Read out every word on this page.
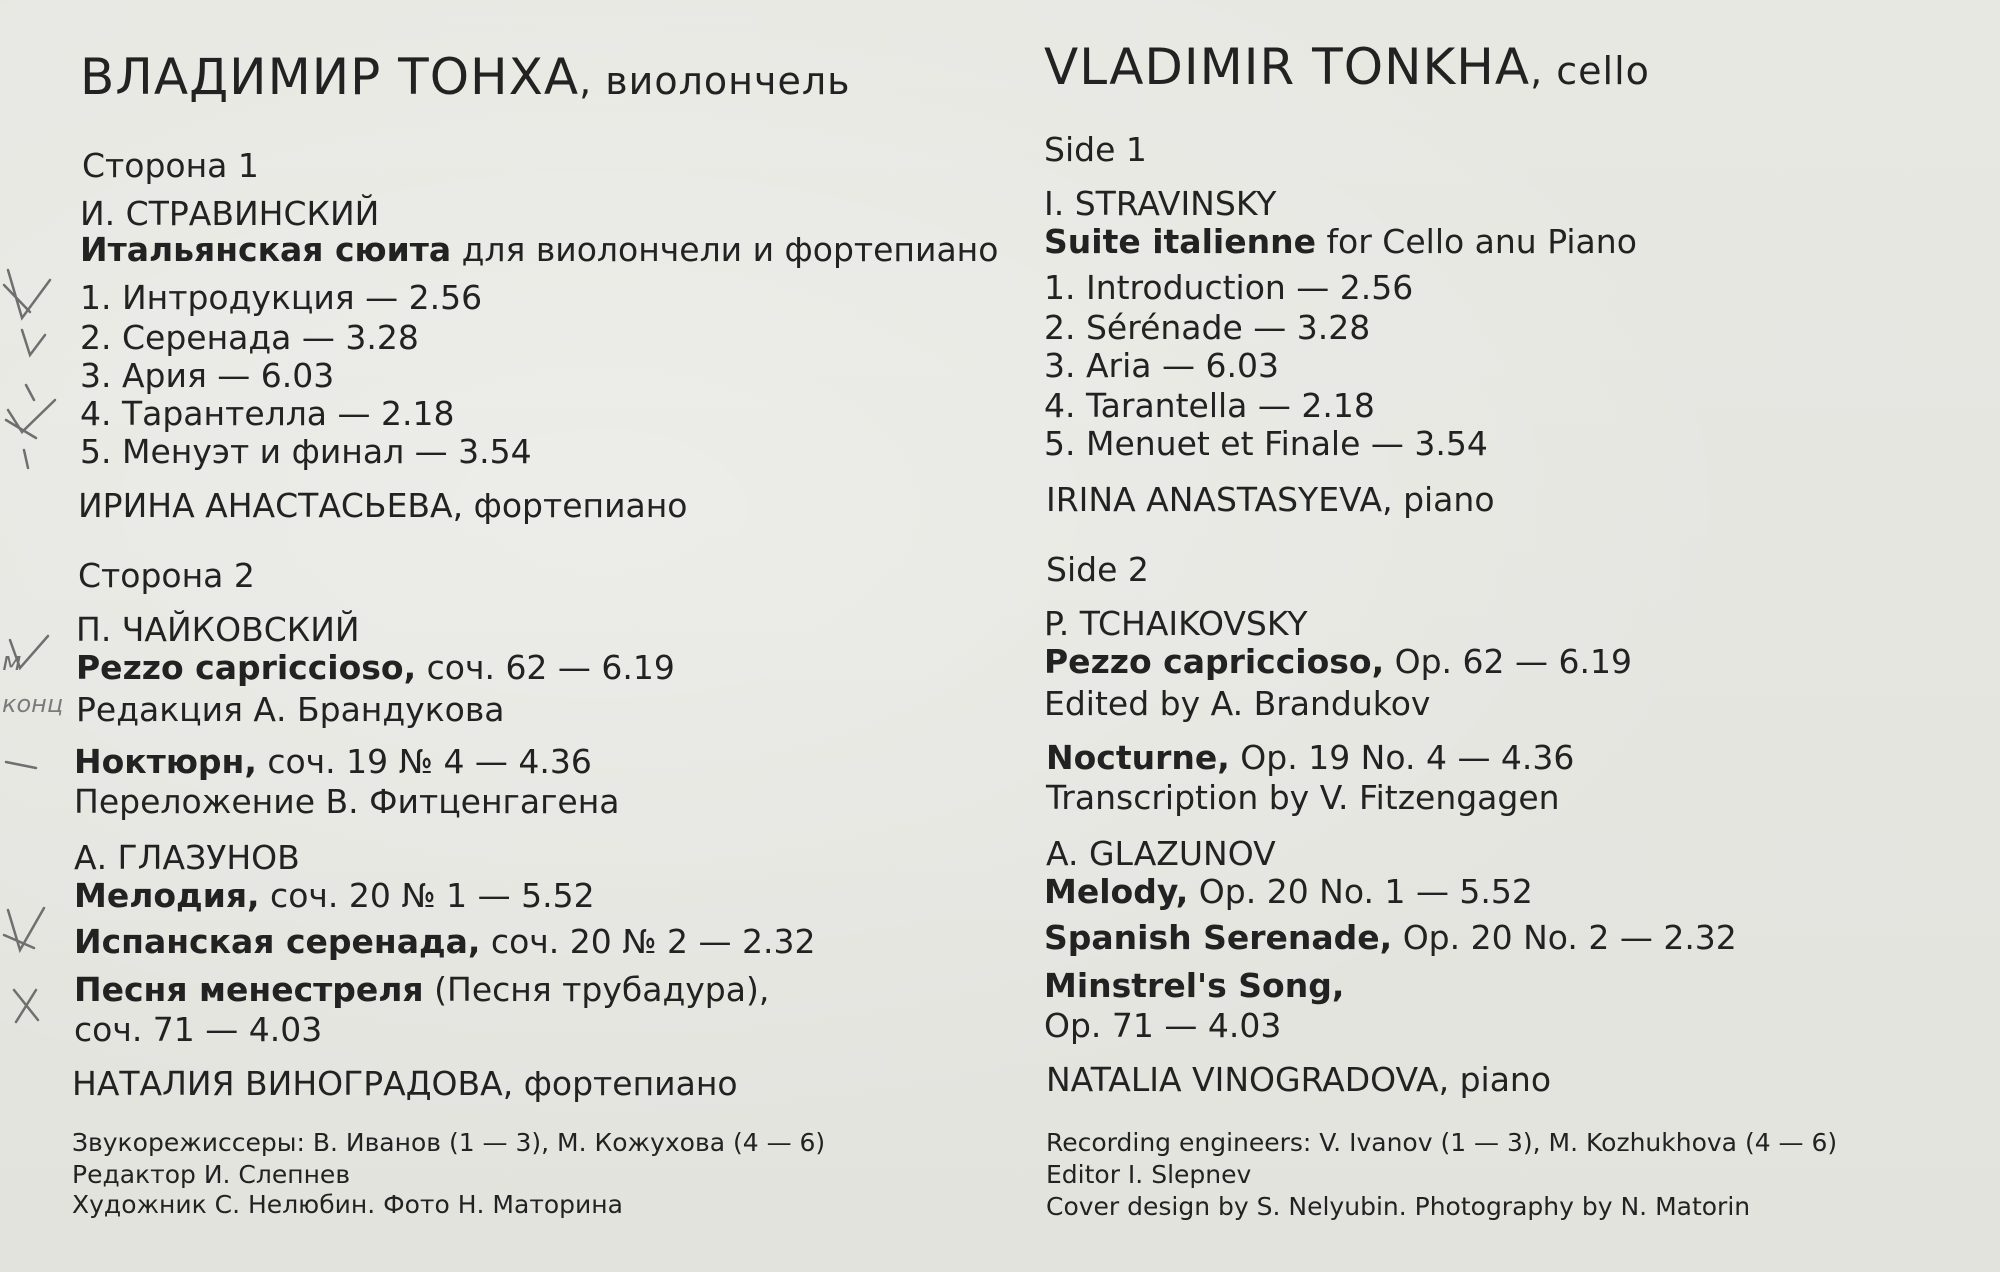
м
конц
ВЛАДИМИР ТОНХА, виолончель
Сторона 1
И. СТРАВИНСКИЙ
Итальянская сюита для виолончели и фортепиано
1. Интродукция — 2.56
2. Серенада — 3.28
3. Ария — 6.03
4. Тарантелла — 2.18
5. Менуэт и финал — 3.54
ИРИНА АНАСТАСЬЕВА, фортепиано
Сторона 2
П. ЧАЙКОВСКИЙ
Pezzo capriccioso, соч. 62 — 6.19
Редакция А. Брандукова
Ноктюрн, соч. 19 № 4 — 4.36
Переложение В. Фитценгагена
А. ГЛАЗУНОВ
Мелодия, соч. 20 № 1 — 5.52
Испанская серенада, соч. 20 № 2 — 2.32
Песня менестреля (Песня трубадура),
соч. 71 — 4.03
НАТАЛИЯ ВИНОГРАДОВА, фортепиано
Звукорежиссеры: В. Иванов (1 — 3), М. Кожухова (4 — 6)
Редактор И. Слепнев
Художник С. Нелюбин. Фото Н. Маторина
VLADIMIR TONKHA, cello
Side 1
I. STRAVINSKY
Suite italienne for Cello anu Piano
1. Introduction — 2.56
2. Sérénade — 3.28
3. Aria — 6.03
4. Tarantella — 2.18
5. Menuet et Finale — 3.54
IRINA ANASTASYEVA, piano
Side 2
P. TCHAIKOVSKY
Pezzo capriccioso, Op. 62 — 6.19
Edited by A. Brandukov
Nocturne, Op. 19 No. 4 — 4.36
Transcription by V. Fitzengagen
A. GLAZUNOV
Melody, Op. 20 No. 1 — 5.52
Spanish Serenade, Op. 20 No. 2 — 2.32
Minstrel's Song,
Op. 71 — 4.03
NATALIA VINOGRADOVA, piano
Recording engineers: V. Ivanov (1 — 3), M. Kozhukhova (4 — 6)
Editor I. Slepnev
Cover design by S. Nelyubin. Photography by N. Matorin
